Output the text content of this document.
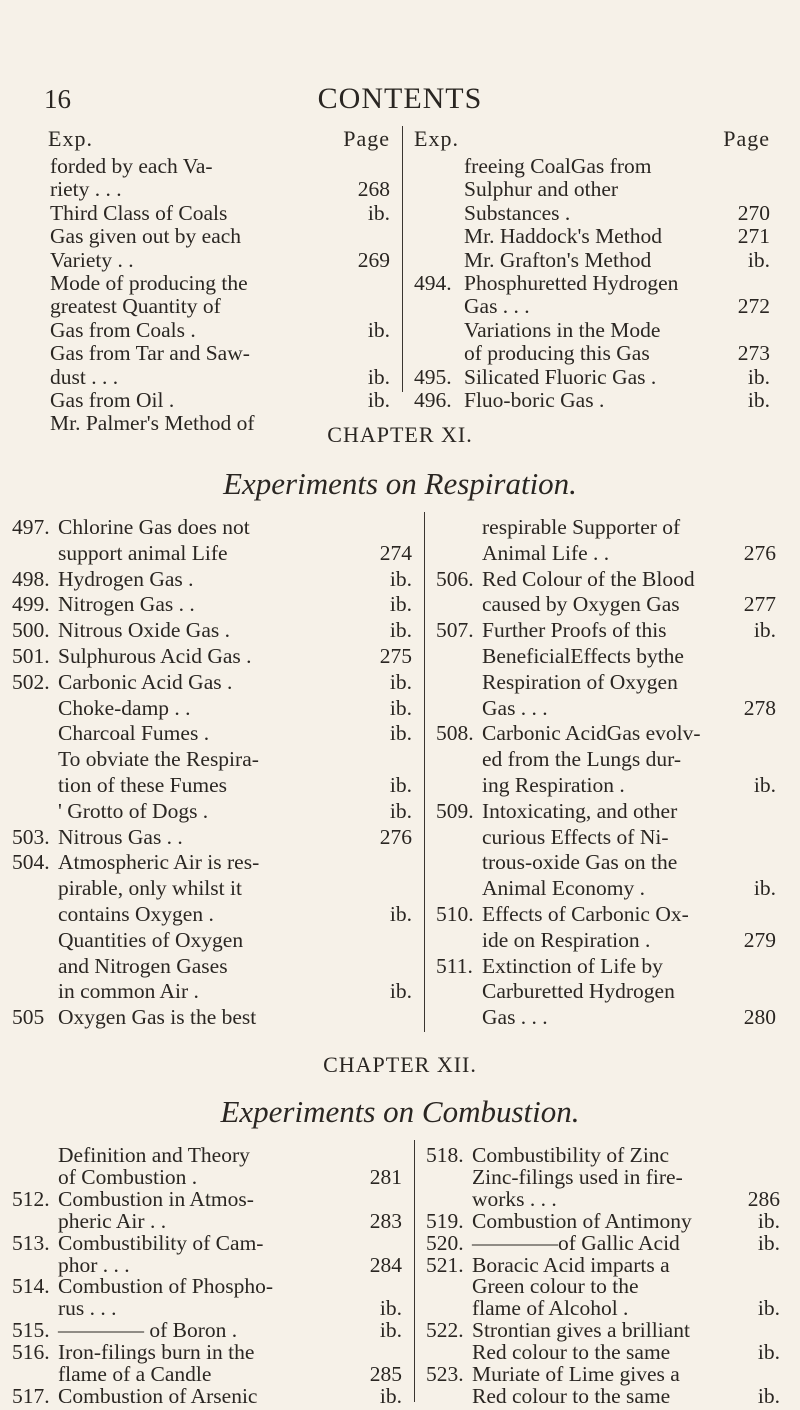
16	CONTENTS
Exp.	Page Exp.	Page
forded by each Va-
riety . . .	268
Third Class of Coals	ib.
Gas given out by each
Variety . .	269
Mode of producing the
greatest Quantity of
Gas from Coals .	ib.
Gas from Tar and Saw-
dust . . .	ib.
Gas from Oil .	ib.
Mr. Palmer's Method of
freeing CoalGas from
Sulphur and other
Substances .	270
Mr. Haddock's Method	271
Mr. Grafton's Method	ib.
494. Phosphuretted Hydrogen
Gas . . .	272
Variations in the Mode
of producing this Gas	273
495. Silicated Fluoric Gas .	ib.
496. Fluo-boric Gas .	ib.
CHAPTER XI.
Experiments on Respiration.
497. Chlorine Gas does not
support animal Life	274
498. Hydrogen Gas .	ib.
499. Nitrogen Gas . .	ib.
500. Nitrous Oxide Gas .	ib.
501. Sulphurous Acid Gas .	275
502. Carbonic Acid Gas .	ib.
Choke-damp . .	ib.
Charcoal Fumes .	ib.
To obviate the Respira-
tion of these Fumes	ib.
' Grotto of Dogs .	ib.
503. Nitrous Gas . .	276
504. Atmospheric Air is res-
pirable, only whilst it
contains Oxygen .	ib.
Quantities of Oxygen
and Nitrogen Gases
in common Air .	ib.
505 Oxygen Gas is the best
respirable Supporter of
Animal Life . .	276
506. Red Colour of the Blood
caused by Oxygen Gas	277
507. Further Proofs of this	ib.
BeneficialEffects bythe
Respiration of Oxygen
Gas . . .	278
508. Carbonic AcidGas evolv-
ed from the Lungs dur-
ing Respiration .	ib.
509. Intoxicating, and other
curious Effects of Ni-
trous-oxide Gas on the
Animal Economy .	ib.
510. Effects of Carbonic Ox-
ide on Respiration .	279
511. Extinction of Life by
Carburetted Hydrogen
Gas . . .	280
CHAPTER XII.
Experiments on Combustion.
Definition and Theory
of Combustion .	281
512. Combustion in Atmos-
pheric Air . .	283
513. Combustibility of Cam-
phor . . .	284
514. Combustion of Phospho-
rus . . .	ib.
515. ———— of Boron .	ib.
516. Iron-filings burn in the
flame of a Candle	285
517. Combustion of Arsenic	ib.
518. Combustibility of Zinc
Zinc-filings used in fire-
works . . .	286
519. Combustion of Antimony	ib.
520. ————of Gallic Acid	ib.
521. Boracic Acid imparts a
Green colour to the
flame of Alcohol .	ib.
522. Strontian gives a brilliant
Red colour to the same	ib.
523. Muriate of Lime gives a
Red colour to the same	ib.
